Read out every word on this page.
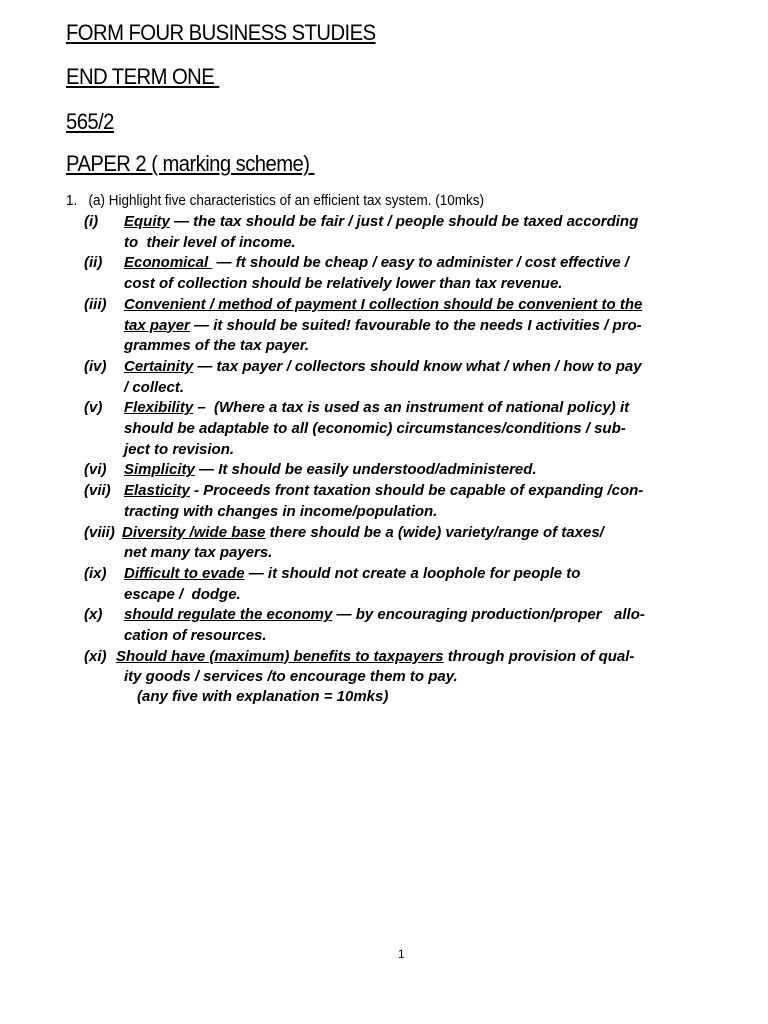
FORM FOUR BUSINESS STUDIES
END TERM ONE
565/2
PAPER 2 ( marking scheme)
1.   (a) Highlight five characteristics of an efficient tax system. (10mks)
(i)	Equity — the tax should be fair / just / people should be taxed according
to  their level of income.
(ii)	Economical  — ft should be cheap / easy to administer / cost effective /
cost of collection should be relatively lower than tax revenue.
(iii)	Convenient / method of payment I collection should be convenient to the
tax payer — it should be suited! favourable to the needs I activities / pro-
grammes of the tax payer.
(iv)	Certainity — tax payer / collectors should know what / when / how to pay
/ collect.
(v)	Flexibility –  (Where a tax is used as an instrument of national policy) it
should be adaptable to all (economic) circumstances/conditions / sub-
ject to revision.
(vi)	Simplicity — It should be easily understood/administered.
(vii) Elasticity - Proceeds front taxation should be capable of expanding /con-
tracting with changes in income/population.
(viii) Diversity /wide base there should be a (wide) variety/range of taxes/
net many tax payers.
(ix)	Difficult to evade — it should not create a loophole for people to
escape /  dodge.
(x)	should regulate the economy — by encouraging production/proper   allo-
cation of resources.
(xi) Should have (maximum) benefits to taxpayers through provision of qual-
ity goods / services /to encourage them to pay.
(any five with explanation = 10mks)
1
